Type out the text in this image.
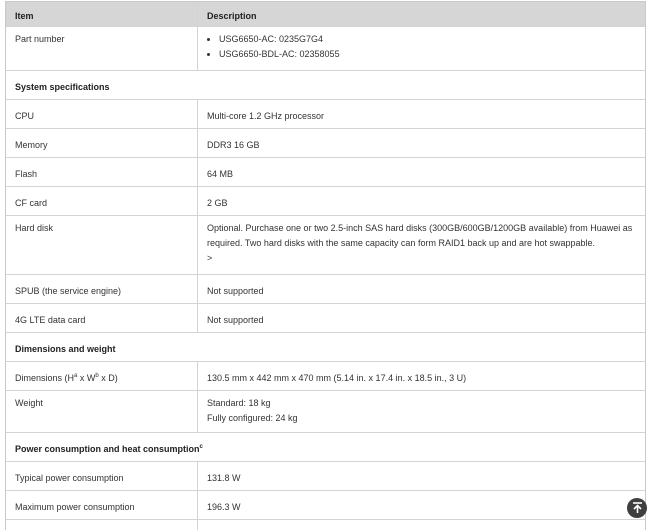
Item	Description
Part number
•	USG6650-AC: 0235G7G4
• USG6650-BDL-AC: 02358055
System specifications
CPU	Multi-core 1.2 GHz processor
Memory	DDR3 16 GB
Flash	64 MB
CF card	2 GB
Hard disk	Optional. Purchase one or two 2.5-inch SAS hard disks (300GB/600GB/1200GB available) from Huawei as required. Two hard disks with the same capacity can form RAID1 back up and are hot swappable.
>
SPUB (the service engine)	Not supported
4G LTE data card	Not supported
Dimensions and weight
Dimensions ($H^a$ x $W^b$ x D)	130.5 mm x 442 mm x 470 mm (5.14 in. x 17.4 in. x 18.5 in., 3 U)
Weight	Standard: 18 kg
Fully configured: 24 kg
Power consumption and heat consumption$^c$
Typical power consumption	131.8 W
Maximum power consumption	196.3 W
